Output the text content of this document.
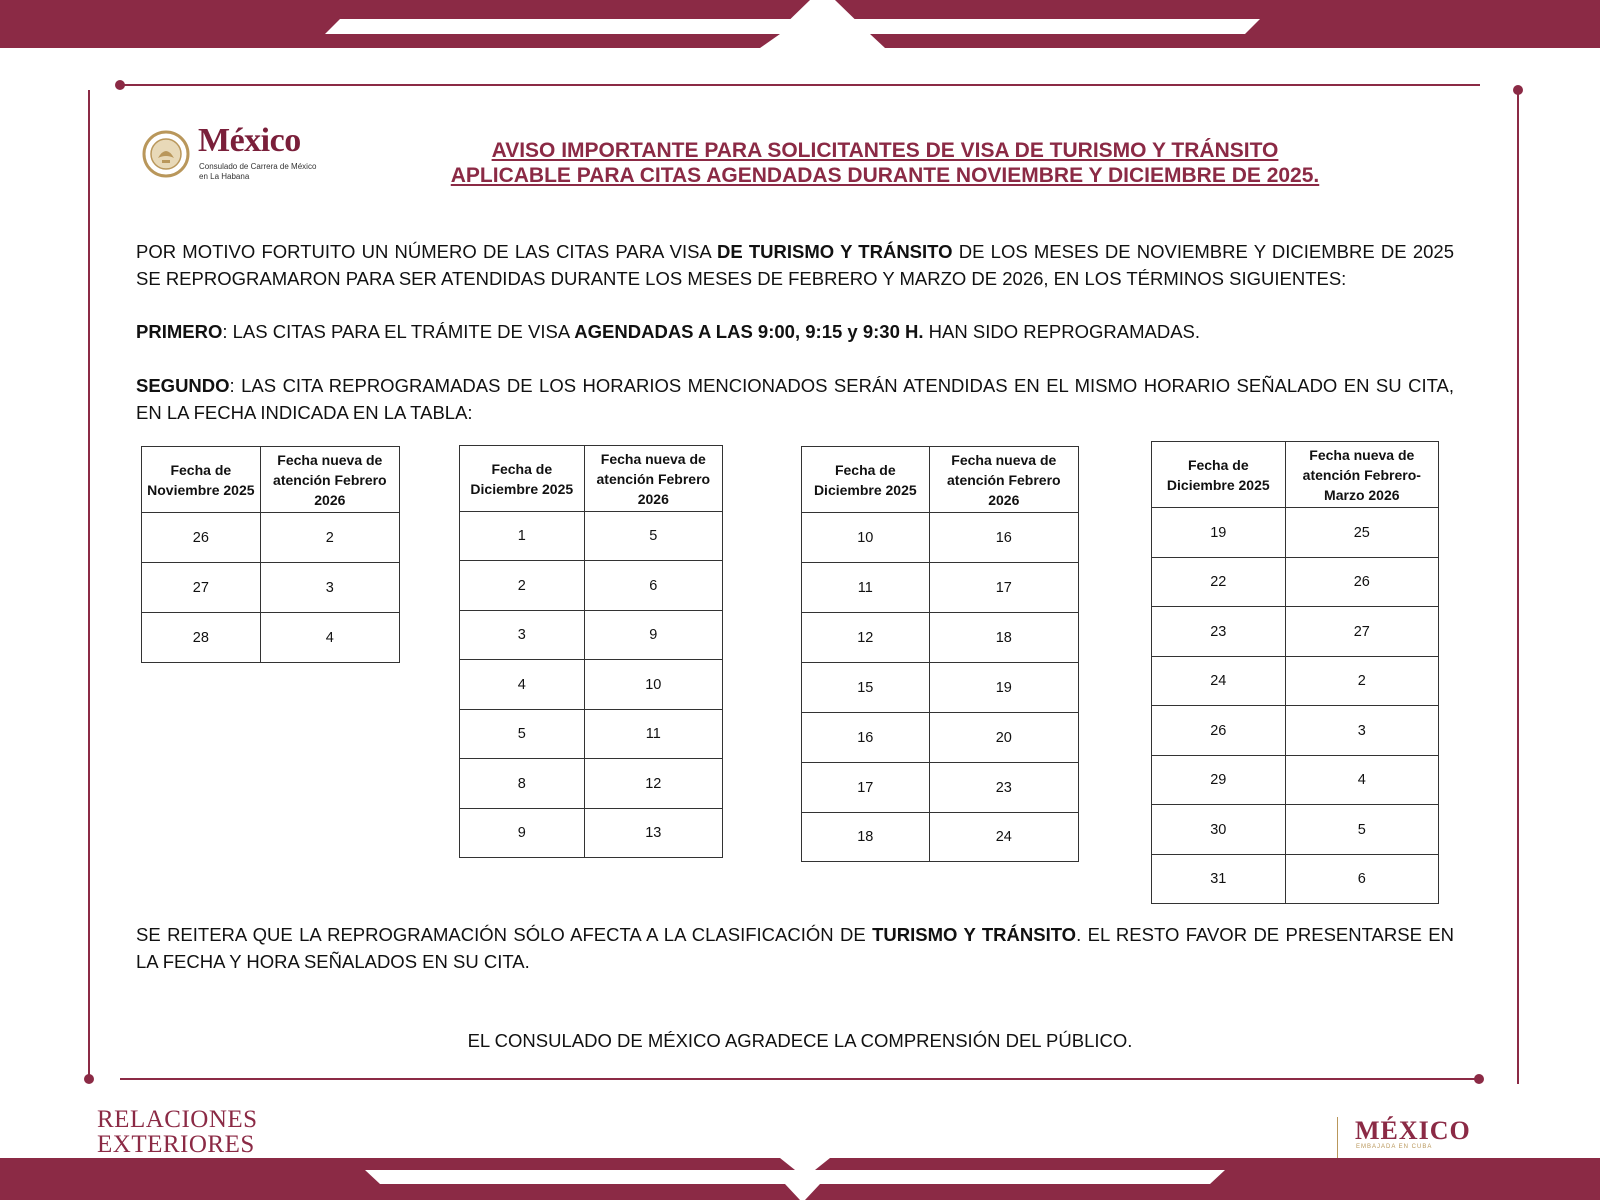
México
Consulado de Carrera de México
en La Habana
AVISO IMPORTANTE PARA SOLICITANTES DE VISA DE TURISMO Y TRÁNSITO
APLICABLE PARA CITAS AGENDADAS DURANTE NOVIEMBRE Y DICIEMBRE DE 2025.
POR MOTIVO FORTUITO UN NÚMERO DE LAS CITAS PARA VISA DE TURISMO Y TRÁNSITO DE LOS MESES DE NOVIEMBRE Y DICIEMBRE DE 2025 SE REPROGRAMARON PARA SER ATENDIDAS DURANTE LOS MESES DE FEBRERO Y MARZO DE 2026, EN LOS TÉRMINOS SIGUIENTES:
PRIMERO: LAS CITAS PARA EL TRÁMITE DE VISA AGENDADAS A LAS 9:00, 9:15 y 9:30 H. HAN SIDO REPROGRAMADAS.
SEGUNDO: LAS CITA REPROGRAMADAS DE LOS HORARIOS MENCIONADOS SERÁN ATENDIDAS EN EL MISMO HORARIO SEÑALADO EN SU CITA, EN LA FECHA INDICADA EN LA TABLA:
Fecha de Noviembre 2025	Fecha nueva de atención Febrero 2026
26	2
27	3
28	4
Fecha de Diciembre 2025	Fecha nueva de atención Febrero 2026
1	5
2	6
3	9
4	10
5	11
8	12
9	13
Fecha de Diciembre 2025	Fecha nueva de atención Febrero 2026
10	16
11	17
12	18
15	19
16	20
17	23
18	24
Fecha de Diciembre 2025	Fecha nueva de atención Febrero-Marzo 2026
19	25
22	26
23	27
24	2
26	3
29	4
30	5
31	6
SE REITERA QUE LA REPROGRAMACIÓN SÓLO AFECTA A LA CLASIFICACIÓN DE TURISMO Y TRÁNSITO. EL RESTO FAVOR DE PRESENTARSE EN LA FECHA Y HORA SEÑALADOS EN SU CITA.
EL CONSULADO DE MÉXICO AGRADECE LA COMPRENSIÓN DEL PÚBLICO.
RELACIONES
EXTERIORES	MÉXICO
EMBAJADA EN CUBA
